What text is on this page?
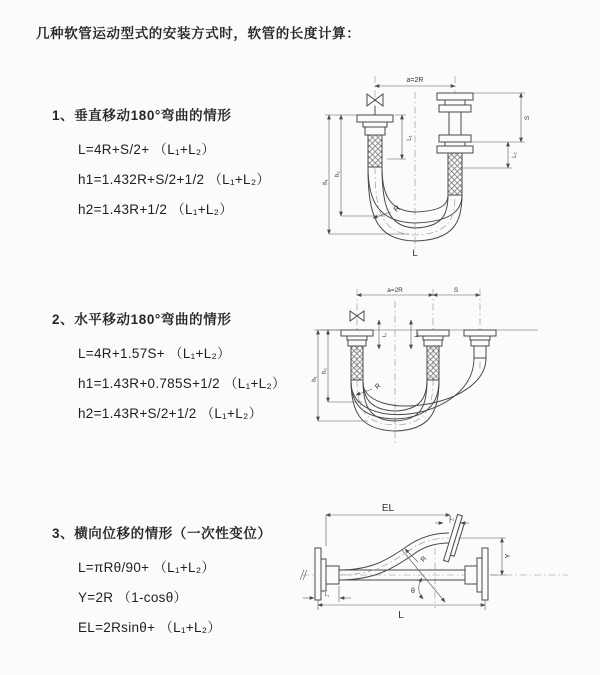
几种软管运动型式的安装方式时，软管的长度计算：
1、垂直移动180°弯曲的情形
L=4R+S/2+ （L₁+L₂）
h1=1.432R+S/2+1/2 （L₁+L₂）
h2=1.43R+1/2 （L₁+L₂）
2、水平移动180°弯曲的情形
L=4R+1.57S+ （L₁+L₂）
h1=1.43R+0.785S+1/2 （L₁+L₂）
h2=1.43R+S/2+1/2 （L₁+L₂）
3、横向位移的情形（一次性变位）
L=πRθ/90+ （L₁+L₂）
Y=2R （1-cosθ）
EL=2Rsinθ+ （L₁+L₂）
a=2R
L₁
S
L₂
h₁
h₂
R
L
a=2R	S
L₁	L₂
h₁
h₂
R
EL
L₂
Y
θ
R
L
L₁
